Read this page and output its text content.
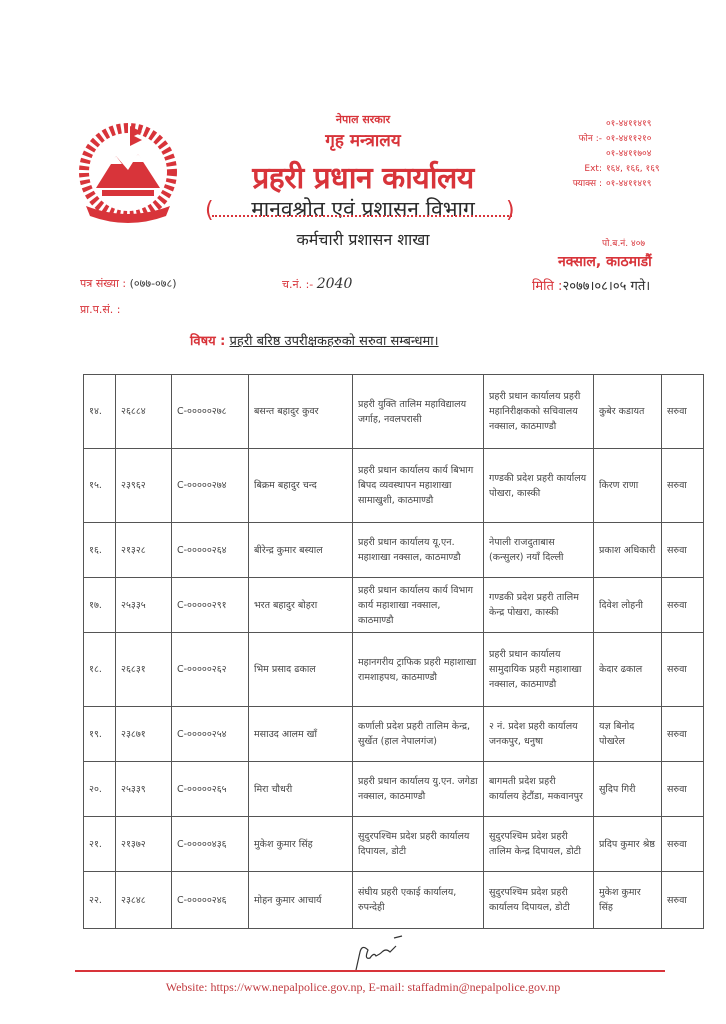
नेपाल सरकार
गृह मन्त्रालय
प्रहरी प्रधान कार्यालय
मानवश्रोत एवं प्रशासन विभाग
(	)
कर्मचारी प्रशासन शाखा
०१-४४११४१९
फोन :- ०१-४४११२१०
०१-४४११७०४
Ext: १६४, १६६, १६९
फ्याक्स : ०१-४४११४१९
पो.ब.नं. ४०७
नक्साल, काठमाडौं
पत्र संख्या : (०७७-०७८)	च.नं. :- 2040	मिति :२०७७।०८।०५ गते।
प्रा.प.सं. :
विषय : प्रहरी बरिष्ठ उपरीक्षकहरुको सरुवा सम्बन्धमा।
१४.	२६८८४	C-०००००२७८	बसन्त बहादुर कुवर	प्रहरी युक्ति तालिम महाविद्यालय जर्गाह, नवलपरासी	प्रहरी प्रधान कार्यालय प्रहरी महानिरीक्षकको सचिवालय नक्साल, काठमाण्डौ	कुबेर कडायत	सरुवा
१५.	२३९६२	C-०००००२७४	बिक्रम बहादुर चन्द	प्रहरी प्रधान कार्यालय कार्य बिभाग बिपद व्यवस्थापन महाशाखा सामाखुशी, काठमाण्डौ	गण्डकी प्रदेश प्रहरी कार्यालय पोखरा, कास्की	किरण राणा	सरुवा
१६.	२१३२८	C-०००००२६४	बीरेन्द्र कुमार बस्याल	प्रहरी प्रधान कार्यालय यू.एन. महाशाखा नक्साल, काठमाण्डौ	नेपाली राजदुताबास (कन्सुलर) नयाँ दिल्ली	प्रकाश अधिकारी	सरुवा
१७.	२५३३५	C-०००००२९१	भरत बहादुर बोहरा	प्रहरी प्रधान कार्यालय कार्य विभाग कार्य महाशाखा नक्साल, काठमाण्डौ	गण्डकी प्रदेश प्रहरी तालिम केन्द्र पोखरा, कास्की	दिवेश लोहनी	सरुवा
१८.	२६८३१	C-०००००२६२	भिम प्रसाद ढकाल	महानगरीय ट्राफिक प्रहरी महाशाखा रामशाहपथ, काठमाण्डौ	प्रहरी प्रधान कार्यालय सामुदायिक प्रहरी महाशाखा नक्साल, काठमाण्डौ	केदार ढकाल	सरुवा
१९.	२३८७१	C-०००००२५४	मसाउद आलम खाँ	कर्णाली प्रदेश प्रहरी तालिम केन्द्र, सुर्खेत (हाल नेपालगंज)	२ नं. प्रदेश प्रहरी कार्यालय जनकपुर, धनुषा	यज्ञ बिनोद पोखरेल	सरुवा
२०.	२५३३९	C-०००००२६५	मिरा चौधरी	प्रहरी प्रधान कार्यालय यु.एन. जगेडा नक्साल, काठमाण्डौ	बागमती प्रदेश प्रहरी कार्यालय हेटौंडा, मकवानपुर	सुदिप गिरी	सरुवा
२१.	२१३७२	C-०००००४३६	मुकेश कुमार सिंह	सुदुरपश्चिम प्रदेश प्रहरी कार्यालय दिपायल, डोटी	सुदुरपश्चिम प्रदेश प्रहरी तालिम केन्द्र दिपायल, डोटी	प्रदिप कुमार श्रेष्ठ	सरुवा
२२.	२३८४८	C-०००००२४६	मोहन कुमार आचार्य	संघीय प्रहरी एकाई कार्यालय, रुपन्देही	सुदुरपश्चिम प्रदेश प्रहरी कार्यालय दिपायल, डोटी	मुकेश कुमार सिंह	सरुवा
Website: https://www.nepalpolice.gov.np, E-mail: staffadmin@nepalpolice.gov.np
